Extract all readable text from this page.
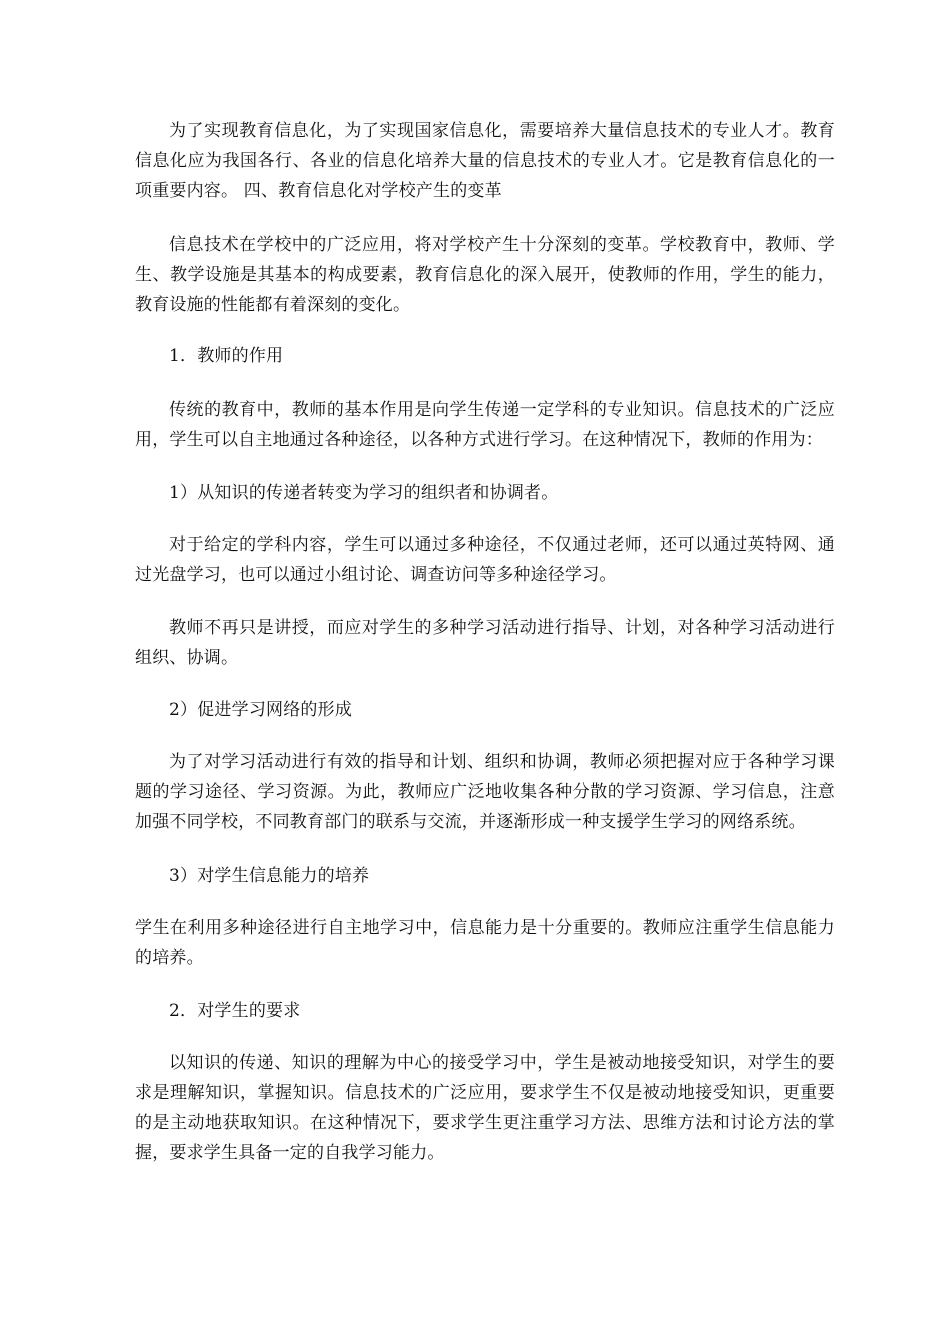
为了实现教育信息化，为了实现国家信息化，需要培养大量信息技术的专业人才。教育信息化应为我国各行、各业的信息化培养大量的信息技术的专业人才。它是教育信息化的一项重要内容。 四、教育信息化对学校产生的变革

信息技术在学校中的广泛应用，将对学校产生十分深刻的变革。学校教育中，教师、学生、教学设施是其基本的构成要素，教育信息化的深入展开，使教师的作用，学生的能力，教育设施的性能都有着深刻的变化。

1．教师的作用

传统的教育中，教师的基本作用是向学生传递一定学科的专业知识。信息技术的广泛应用，学生可以自主地通过各种途径，以各种方式进行学习。在这种情况下，教师的作用为：

1）从知识的传递者转变为学习的组织者和协调者。

对于给定的学科内容，学生可以通过多种途径，不仅通过老师，还可以通过英特网、通过光盘学习，也可以通过小组讨论、调查访问等多种途径学习。

教师不再只是讲授，而应对学生的多种学习活动进行指导、计划，对各种学习活动进行组织、协调。

2）促进学习网络的形成

为了对学习活动进行有效的指导和计划、组织和协调，教师必须把握对应于各种学习课题的学习途径、学习资源。为此，教师应广泛地收集各种分散的学习资源、学习信息，注意加强不同学校，不同教育部门的联系与交流，并逐渐形成一种支援学生学习的网络系统。

3）对学生信息能力的培养

学生在利用多种途径进行自主地学习中，信息能力是十分重要的。教师应注重学生信息能力的培养。

2．对学生的要求

以知识的传递、知识的理解为中心的接受学习中，学生是被动地接受知识，对学生的要求是理解知识，掌握知识。信息技术的广泛应用，要求学生不仅是被动地接受知识，更重要的是主动地获取知识。在这种情况下，要求学生更注重学习方法、思维方法和讨论方法的掌握，要求学生具备一定的自我学习能力。
